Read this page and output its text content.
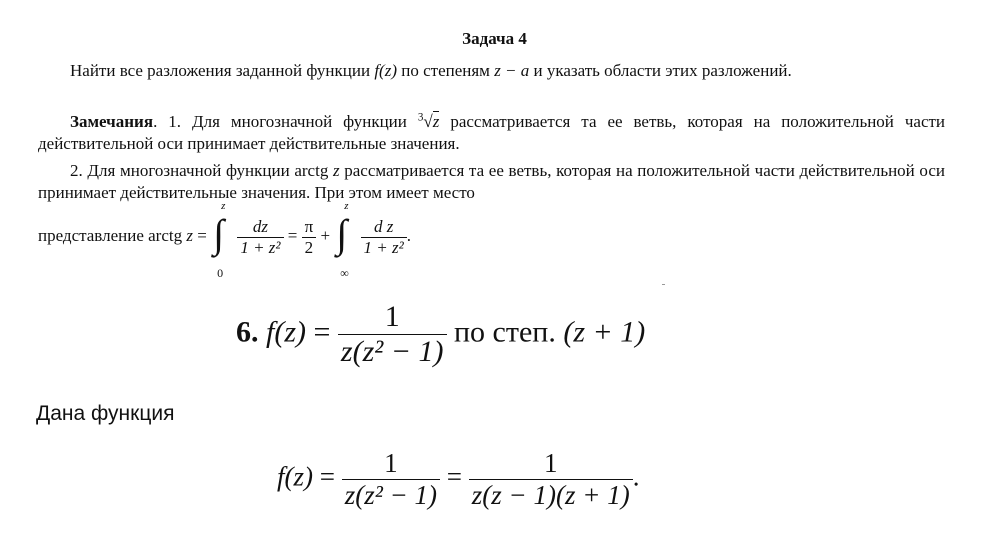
Задача 4
Найти все разложения заданной функции f(z) по степеням z − a и указать области этих разложений.
Замечания. 1. Для многозначной функции $^3$√z рассматривается та ее ветвь, которая на положительной части действительной оси принимает действительные значения.
2. Для многозначной функции arctg z рассматривается та ее ветвь, которая на положительной части действительной оси принимает действительные значения. При этом имеет место
представление arctg z =
z
∫
0

$\frac{dz}{\text{1 + z²}} = \frac{\pi}{2}$ +
z
∫
∞

$\frac{\text{d z}}{\text{1 + z²}}$ .
6. $f(z) = \frac{1}{\text{z(z² − 1)}}$ по степ. (z + 1)
Дана функция
$f(z) = \frac{1}{\text{z(z² − 1)}} = \frac{1}{z(z - 1)(z + 1)}$ .
